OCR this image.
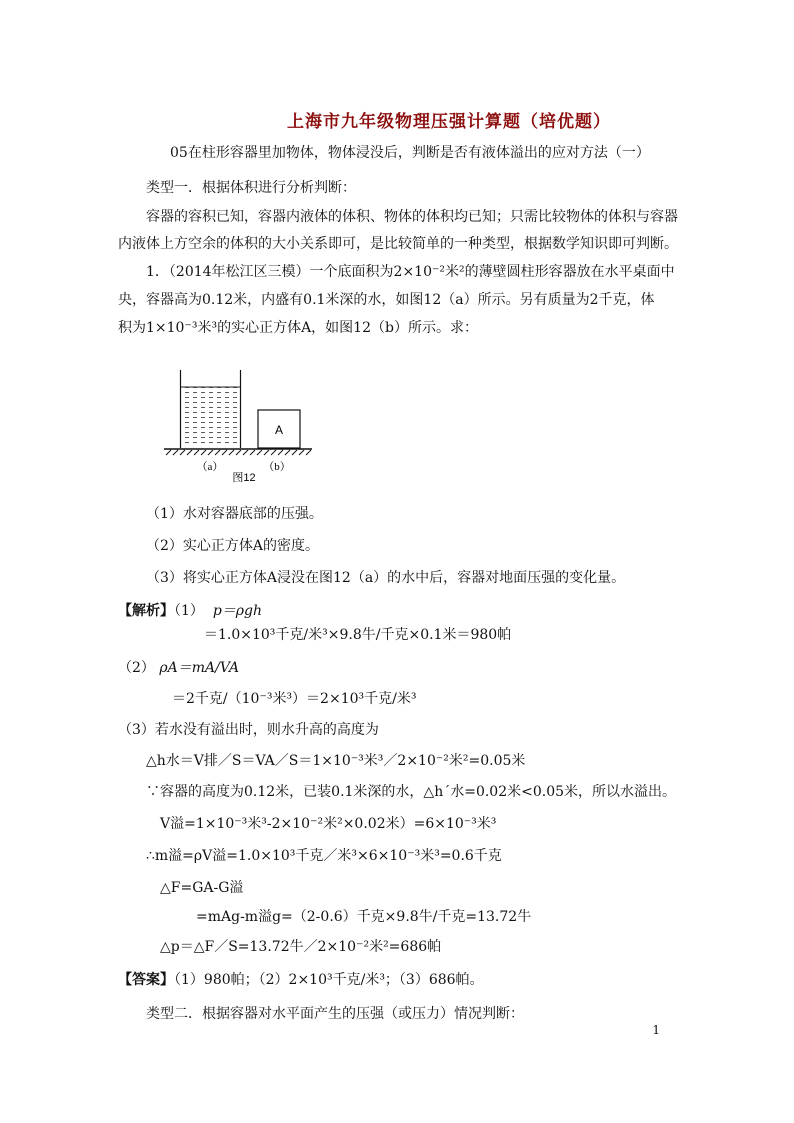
上海市九年级物理压强计算题（培优题）
05在柱形容器里加物体，物体浸没后，判断是否有液体溢出的应对方法（一）
类型一．根据体积进行分析判断：
容器的容积已知，容器内液体的体积、物体的体积均已知；只需比较物体的体积与容器
内液体上方空余的体积的大小关系即可，是比较简单的一种类型，根据数学知识即可判断。
1．（2014年松江区三模）一个底面积为2×10⁻²米²的薄壁圆柱形容器放在水平桌面中
央，容器高为0.12米，内盛有0.1米深的水，如图12（a）所示。另有质量为2千克，体
积为1×10⁻³米³的实心正方体A，如图12（b）所示。求：
A
（a）	（b）
图12
（1）水对容器底部的压强。
（2）实心正方体A的密度。
（3）将实心正方体A浸没在图12（a）的水中后，容器对地面压强的变化量。
【解析】（1） p＝ρgh
＝1.0×10³千克/米³×9.8牛/千克×0.1米＝980帕
（2） ρA＝mA/VA
＝2千克/（10⁻³米³）＝2×10³千克/米³
（3）若水没有溢出时，则水升高的高度为
△h水＝V排／S＝VA／S＝1×10⁻³米³／2×10⁻²米²=0.05米
∵容器的高度为0.12米，已装0.1米深的水，△h´水=0.02米<0.05米，所以水溢出。
V溢=1×10⁻³米³-2×10⁻²米²×0.02米）=6×10⁻³米³
∴m溢=ρV溢=1.0×10³千克／米³×6×10⁻³米³=0.6千克
△F=GA-G溢
=mAg-m溢g=（2-0.6）千克×9.8牛/千克=13.72牛
△p＝△F／S=13.72牛／2×10⁻²米²=686帕
【答案】（1）980帕；（2）2×10³千克/米³；（3）686帕。
类型二．根据容器对水平面产生的压强（或压力）情况判断：
1
